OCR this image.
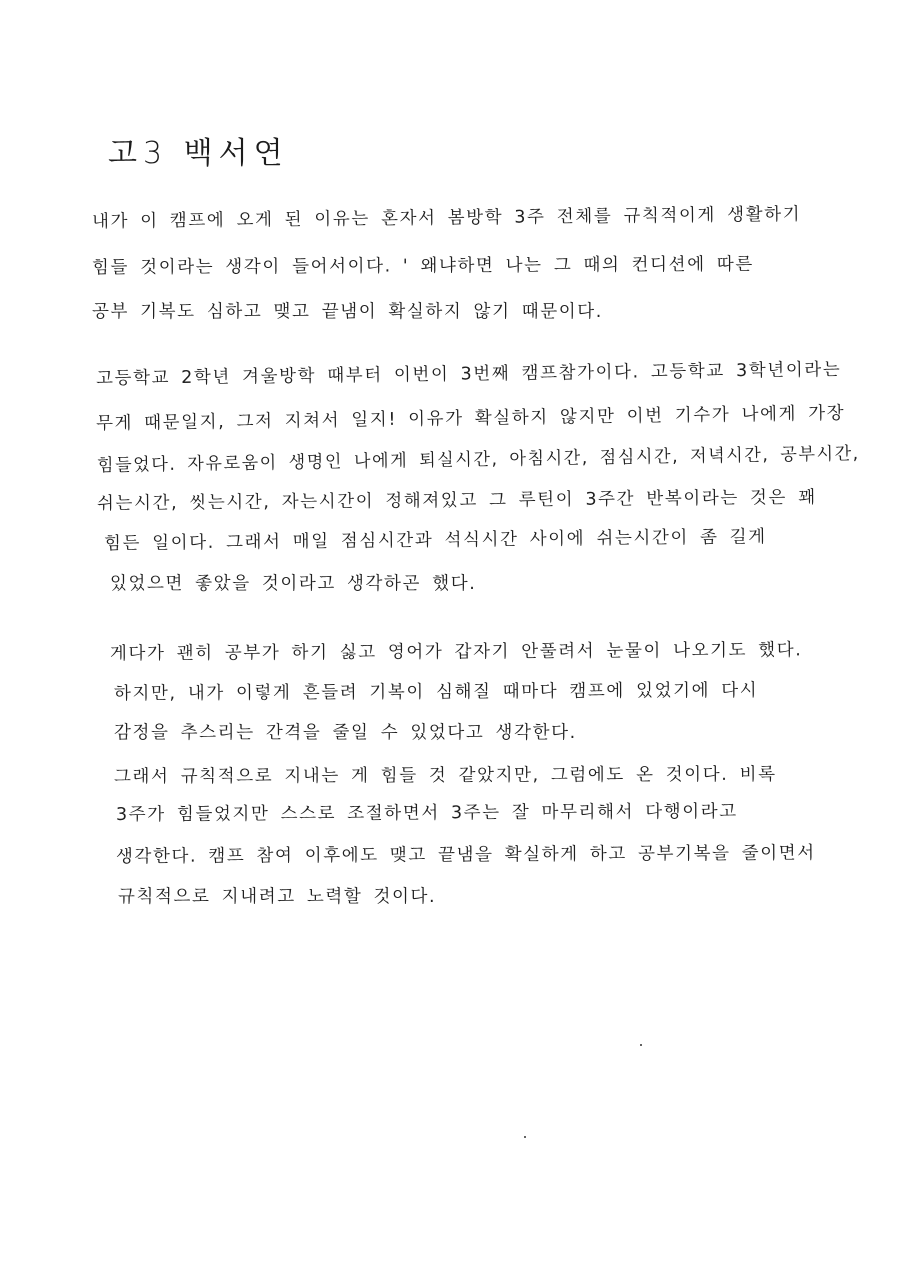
고3 백서연
내가 이 캠프에 오게 된 이유는 혼자서 봄방학 3주 전체를 규칙적이게 생활하기
힘들 것이라는 생각이 들어서이다. ' 왜냐하면 나는 그 때의 컨디션에 따른
공부 기복도 심하고 맺고 끝냄이 확실하지 않기 때문이다.
고등학교 2학년 겨울방학 때부터 이번이 3번째 캠프참가이다. 고등학교 3학년이라는
무게 때문일지, 그저 지쳐서 일지! 이유가 확실하지 않지만 이번 기수가 나에게 가장
힘들었다. 자유로움이 생명인 나에게 퇴실시간, 아침시간, 점심시간, 저녁시간, 공부시간,
쉬는시간, 씻는시간, 자는시간이 정해져있고 그 루틴이 3주간 반복이라는 것은 꽤
힘든 일이다. 그래서 매일 점심시간과 석식시간 사이에 쉬는시간이 좀 길게
있었으면 좋았을 것이라고 생각하곤 했다.
게다가 괜히 공부가 하기 싫고 영어가 갑자기 안풀려서 눈물이 나오기도 했다.
하지만, 내가 이렇게 흔들려 기복이 심해질 때마다 캠프에 있었기에 다시
감정을 추스리는 간격을 줄일 수 있었다고 생각한다.
그래서 규칙적으로 지내는 게 힘들 것 같았지만, 그럼에도 온 것이다. 비록
3주가 힘들었지만 스스로 조절하면서 3주는 잘 마무리해서 다행이라고
생각한다. 캠프 참여 이후에도 맺고 끝냄을 확실하게 하고 공부기복을 줄이면서
규칙적으로 지내려고 노력할 것이다.
